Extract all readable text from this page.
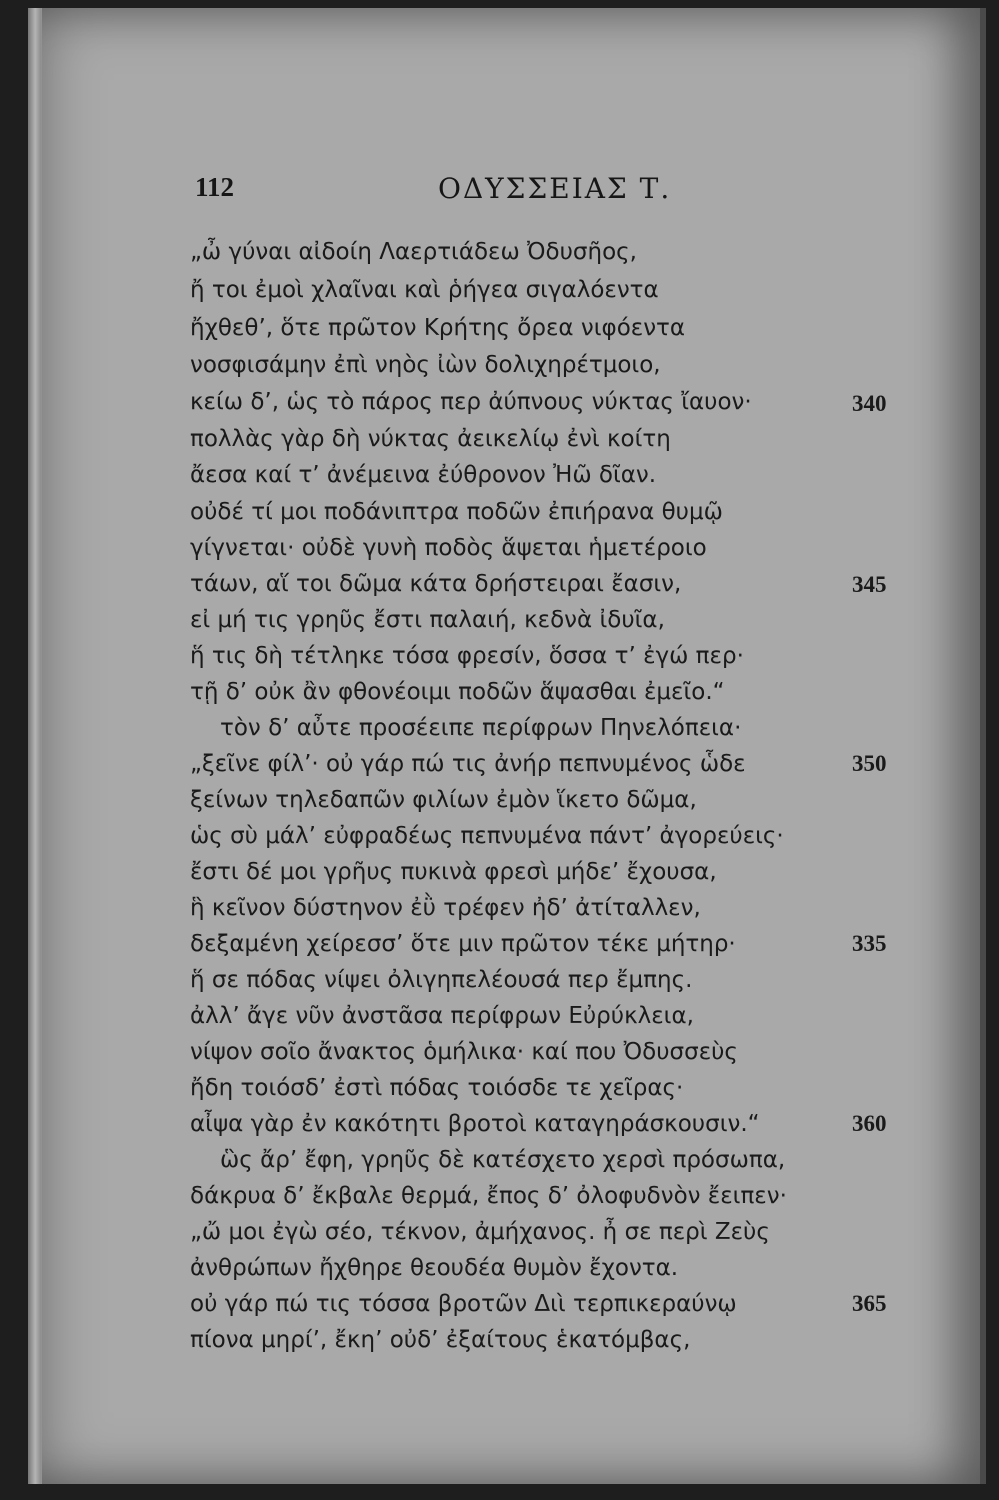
112	ΟΔΥΣΣΕΙΑΣ Τ.
„ὦ γύναι αἰδοίη Λαερτιάδεω Ὀδυσῆος,
ἤ τοι ἐμοὶ χλαῖναι καὶ ῥήγεα σιγαλόεντα
ἤχθεθ’, ὅτε πρῶτον Κρήτης ὄρεα νιφόεντα
νοσφισάμην ἐπὶ νηὸς ἰὼν δολιχηρέτμοιο,
κείω δ’, ὡς τὸ πάρος περ ἀύπνους νύκτας ἴαυον·
πολλὰς γὰρ δὴ νύκτας ἀεικελίῳ ἐνὶ κοίτη
ἄεσα καί τ’ ἀνέμεινα ἐύθρονον Ἠῶ δῖαν.
οὐδέ τί μοι ποδάνιπτρα ποδῶν ἐπιήρανα θυμῷ
γίγνεται· οὐδὲ γυνὴ ποδὸς ἅψεται ἡμετέροιο
τάων, αἵ τοι δῶμα κάτα δρήστειραι ἔασιν,
εἰ μή τις γρηῦς ἔστι παλαιή, κεδνὰ ἰδυῖα,
ἥ τις δὴ τέτληκε τόσα φρεσίν, ὅσσα τ’ ἐγώ περ·
τῇ δ’ οὐκ ἂν φθονέοιμι ποδῶν ἅψασθαι ἐμεῖο.“
τὸν δ’ αὖτε προσέειπε περίφρων Πηνελόπεια·
„ξεῖνε φίλ’· οὐ γάρ πώ τις ἀνήρ πεπνυμένος ὧδε
ξείνων τηλεδαπῶν φιλίων ἐμὸν ἵκετο δῶμα,
ὡς σὺ μάλ’ εὐφραδέως πεπνυμένα πάντ’ ἀγορεύεις·
ἔστι δέ μοι γρῆυς πυκινὰ φρεσὶ μήδε’ ἔχουσα,
ἣ κεῖνον δύστηνον ἐῢ τρέφεν ἠδ’ ἀτίταλλεν,
δεξαμένη χείρεσσ’ ὅτε μιν πρῶτον τέκε μήτηρ·
ἥ σε πόδας νίψει ὀλιγηπελέουσά περ ἔμπης.
ἀλλ’ ἄγε νῦν ἀνστᾶσα περίφρων Εὐρύκλεια,
νίψον σοῖο ἄνακτος ὁμήλικα· καί που Ὀδυσσεὺς
ἤδη τοιόσδ’ ἐστὶ πόδας τοιόσδε τε χεῖρας·
αἶψα γὰρ ἐν κακότητι βροτοὶ καταγηράσκουσιν.“
ὣς ἄρ’ ἔφη, γρηῦς δὲ κατέσχετο χερσὶ πρόσωπα,
δάκρυα δ’ ἔκβαλε θερμά, ἔπος δ’ ὀλοφυδνὸν ἔειπεν·
„ὤ μοι ἐγὼ σέο, τέκνον, ἀμήχανος. ἦ σε περὶ Ζεὺς
ἀνθρώπων ἤχθηρε θεουδέα θυμὸν ἔχοντα.
οὐ γάρ πώ τις τόσσα βροτῶν Διὶ τερπικεραύνῳ
πίονα μηρί’, ἔκη’ οὐδ’ ἐξαίτους ἑκατόμβας,
340
345
350
335
360
365
